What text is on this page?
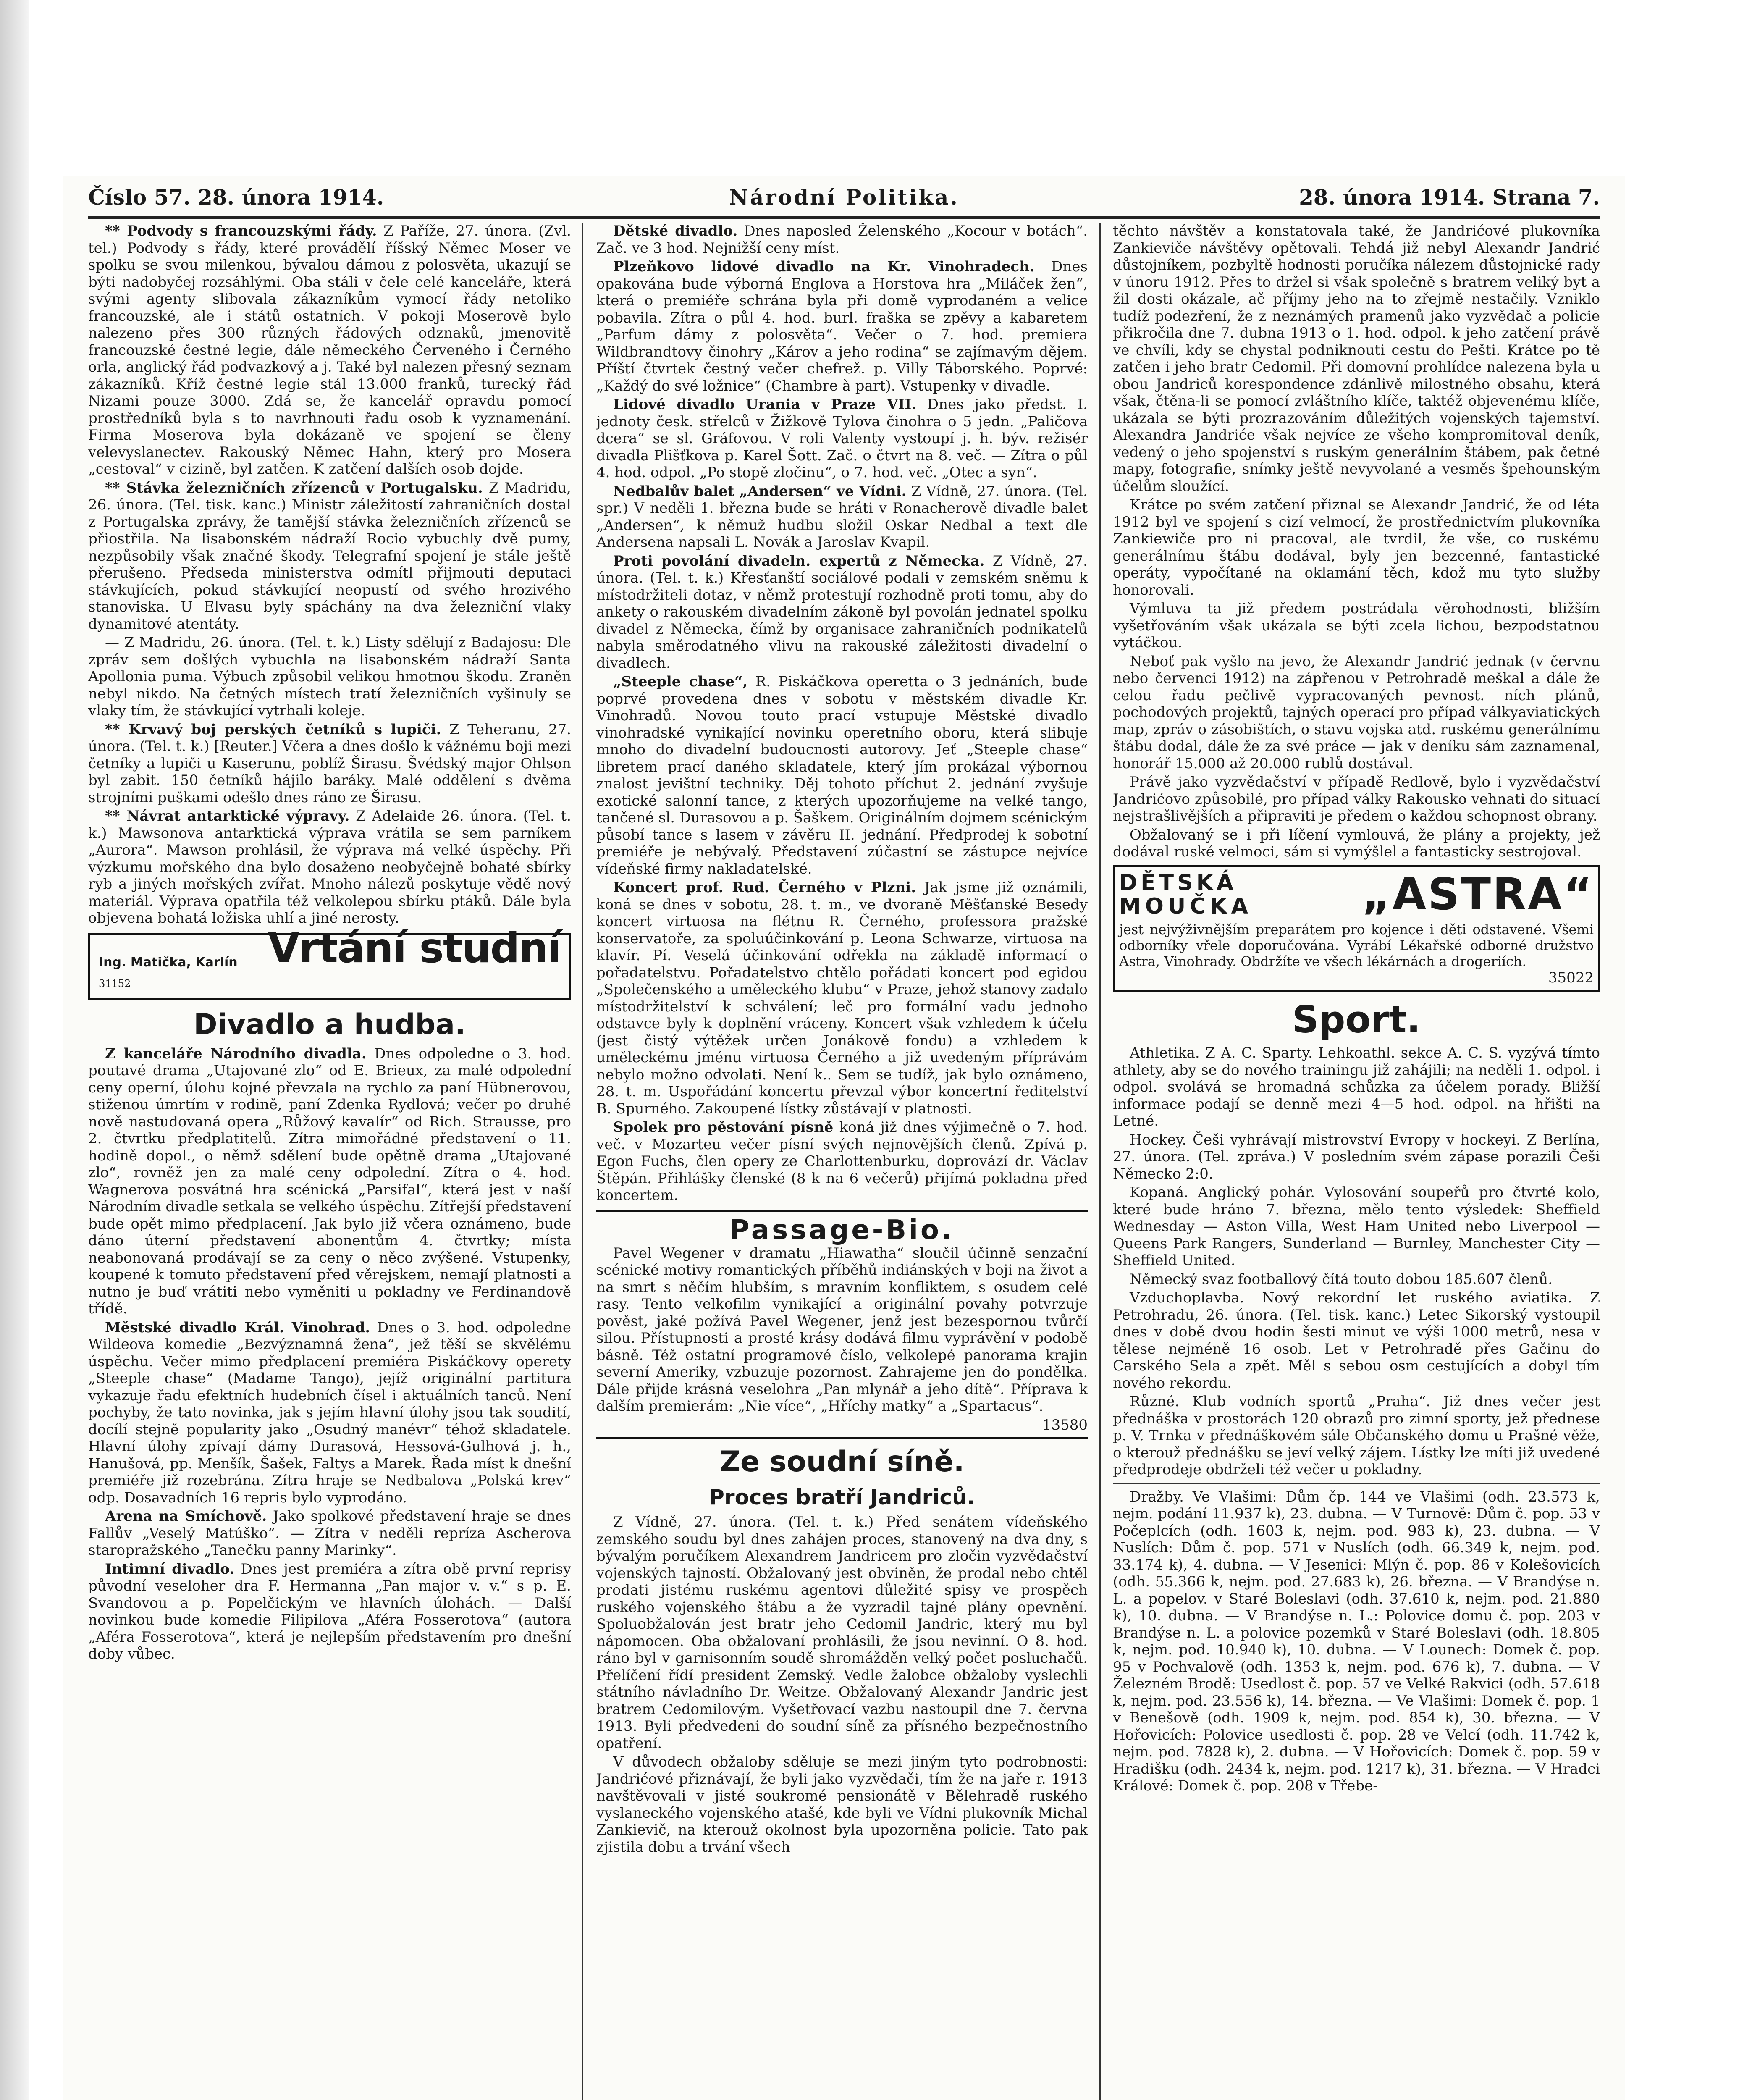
Číslo 57. 28. února 1914.	Národní Politika.	28. února 1914. Strana 7.

** Podvody s francouzskými řády. Z Paříže, 27. února. (Zvl. tel.) Podvody s řády, které provádělí říšský Němec Moser ve spolku se svou milenkou, bývalou dámou z polosvěta, ukazují se býti nadobyčej rozsáhlými. Oba stáli v čele celé kanceláře, která svými agenty slibovala zákazníkům vymocí řády netoliko francouzské, ale i států ostatních. V pokoji Moserově bylo nalezeno přes 300 různých řádových odznaků, jmenovitě francouzské čestné legie, dále německého Červeného i Černého orla, anglický řád podvazkový a j. Také byl nalezen přesný seznam zákazníků. Kříž čestné legie stál 13.000 franků, turecký řád Nizami pouze 3000. Zdá se, že kancelář opravdu pomocí prostředníků byla s to navrhnouti řadu osob k vyznamenání. Firma Moserova byla dokázaně ve spojení se členy velevyslanectev. Rakouský Němec Hahn, který pro Mosera „cestoval“ v cizině, byl zatčen. K zatčení dalších osob dojde.

** Stávka železničních zřízenců v Portugalsku. Z Madridu, 26. února. (Tel. tisk. kanc.) Ministr záležitostí zahraničních dostal z Portugalska zprávy, že tamější stávka železničních zřízenců se přiostřila. Na lisabonském nádraží Rocio vybuchly dvě pumy, nezpůsobily však značné škody. Telegrafní spojení je stále ještě přerušeno. Předseda ministerstva odmítl přijmouti deputaci stávkujících, pokud stávkující neopustí od svého hrozivého stanoviska. U Elvasu byly spáchány na dva železniční vlaky dynamitové atentáty.

— Z Madridu, 26. února. (Tel. t. k.) Listy sdělují z Badajosu: Dle zpráv sem došlých vybuchla na lisabonském nádraží Santa Apollonia puma. Výbuch způsobil velikou hmotnou škodu. Zraněn nebyl nikdo. Na četných místech tratí železničních vyšinuly se vlaky tím, že stávkující vytrhali koleje.

** Krvavý boj perských četníků s lupiči. Z Teheranu, 27. února. (Tel. t. k.) [Reuter.] Včera a dnes došlo k vážnému boji mezi četníky a lupiči u Kaserunu, poblíž Širasu. Švédský major Ohlson byl zabit. 150 četníků hájilo baráky. Malé oddělení s dvěma strojními puškami odešlo dnes ráno ze Širasu.

** Návrat antarktické výpravy. Z Adelaide 26. února. (Tel. t. k.) Mawsonova antarktická výprava vrátila se sem parníkem „Aurora“. Mawson prohlásil, že výprava má velké úspěchy. Při výzkumu mořského dna bylo dosaženo neobyčejně bohaté sbírky ryb a jiných mořských zvířat. Mnoho nálezů poskytuje vědě nový materiál. Výprava opatřila též velkolepou sbírku ptáků. Dále byla objevena bohatá ložiska uhlí a jiné nerosty.

Ing. Matička, Karlín
31152
Vrtání studní
Divadlo a hudba.

Z kanceláře Národního divadla. Dnes odpoledne o 3. hod. poutavé drama „Utajované zlo“ od E. Brieux, za malé odpolední ceny operní, úlohu kojné převzala na rychlo za paní Hübnerovou, stiženou úmrtím v rodině, paní Zdenka Rydlová; večer po druhé nově nastudovaná opera „Růžový kavalír“ od Rich. Strausse, pro 2. čtvrtku předplatitelů. Zítra mimořádné představení o 11. hodině dopol., o němž sdělení bude opětně drama „Utajované zlo“, rovněž jen za malé ceny odpolední. Zítra o 4. hod. Wagnerova posvátná hra scénická „Parsifal“, která jest v naší Národním divadle setkala se velkého úspěchu. Zítřejší představení bude opět mimo předplacení. Jak bylo již včera oznámeno, bude dáno úterní představení abonentům 4. čtvrtky; místa neabonovaná prodávají se za ceny o něco zvýšené. Vstupenky, koupené k tomuto představení před věrejskem, nemají platnosti a nutno je buď vrátiti nebo vyměniti u pokladny ve Ferdinandově třídě.

Městské divadlo Král. Vinohrad. Dnes o 3. hod. odpoledne Wildeova komedie „Bezvýznamná žena“, jež těší se skvělému úspěchu. Večer mimo předplacení premiéra Piskáčkovy operety „Steeple chase“ (Madame Tango), jejíž originální partitura vykazuje řadu efektních hudebních čísel i aktuálních tanců. Není pochyby, že tato novinka, jak s jejím hlavní úlohy jsou tak soudití, docílí stejně popularity jako „Osudný manévr“ téhož skladatele. Hlavní úlohy zpívají dámy Durasová, Hessová-Gulhová j. h., Hanušová, pp. Menšík, Šašek, Faltys a Marek. Řada míst k dnešní premiéře již rozebrána. Zítra hraje se Nedbalova „Polská krev“ odp. Dosavadních 16 repris bylo vyprodáno.

Arena na Smíchově. Jako spolkové představení hraje se dnes Fallův „Veselý Matúško“. — Zítra v neděli repríza Ascherova staropražského „Tanečku panny Marinky“.

Intimní divadlo. Dnes jest premiéra a zítra obě první reprisy původní veseloher dra F. Hermanna „Pan major v. v.“ s p. E. Svandovou a p. Popelčickým ve hlavních úlohách. — Další novinkou bude komedie Filipilova „Aféra Fosserotova“ (autora „Aféra Fosserotova“, která je nejlepším představením pro dnešní doby vůbec.

Dětské divadlo. Dnes naposled Želenského „Kocour v botách“. Zač. ve 3 hod. Nejnižší ceny míst.

Plzeňkovo lidové divadlo na Kr. Vinohradech. Dnes opakována bude výborná Englova a Horstova hra „Miláček žen“, která o premiéře schrána byla při domě vyprodaném a velice pobavila. Zítra o půl 4. hod. burl. fraška se zpěvy a kabaretem „Parfum dámy z polosvěta“. Večer o 7. hod. premiera Wildbrandtovy činohry „Károv a jeho rodina“ se zajímavým dějem. Příští čtvrtek čestný večer chefrež. p. Villy Táborského. Poprvé: „Každý do své ložnice“ (Chambre à part). Vstupenky v divadle.

Lidové divadlo Urania v Praze VII. Dnes jako předst. I. jednoty česk. střelců v Žižkově Tylova činohra o 5 jedn. „Paličova dcera“ se sl. Gráfovou. V roli Valenty vystoupí j. h. býv. režisér divadla Plišťkova p. Karel Šott. Zač. o čtvrt na 8. več. — Zítra o půl 4. hod. odpol. „Po stopě zločinu“, o 7. hod. več. „Otec a syn“.

Nedbalův balet „Andersen“ ve Vídni. Z Vídně, 27. února. (Tel. spr.) V neděli 1. března bude se hráti v Ronacherově divadle balet „Andersen“, k němuž hudbu složil Oskar Nedbal a text dle Andersena napsali L. Novák a Jaroslav Kvapil.

Proti povolání divadeln. expertů z Německa. Z Vídně, 27. února. (Tel. t. k.) Křesťanští sociálové podali v zemském sněmu k místodržiteli dotaz, v němž protestují rozhodně proti tomu, aby do ankety o rakouském divadelním zákoně byl povolán jednatel spolku divadel z Německa, čímž by organisace zahraničních podnikatelů nabyla směrodatného vlivu na rakouské záležitosti divadelní o divadlech.

„Steeple chase“, R. Piskáčkova operetta o 3 jednáních, bude poprvé provedena dnes v sobotu v městském divadle Kr. Vinohradů. Novou touto prací vstupuje Městské divadlo vinohradské vynikající novinku operetního oboru, která slibuje mnoho do divadelní budoucnosti autorovy. Jeť „Steeple chase“ libretem prací daného skladatele, který jím prokázal výbornou znalost jevištní techniky. Děj tohoto příchut 2. jednání zvyšuje exotické salonní tance, z kterých upozorňujeme na velké tango, tančené sl. Durasovou a p. Šaškem. Originálním dojmem scénickým působí tance s lasem v závěru II. jednání. Předprodej k sobotní premiéře je nebývalý. Představení zúčastní se zástupce nejvíce vídeňské firmy nakladatelské.

Koncert prof. Rud. Černého v Plzni. Jak jsme již oznámili, koná se dnes v sobotu, 28. t. m., ve dvoraně Měšťanské Besedy koncert virtuosa na flétnu R. Černého, professora pražské konservatoře, za spoluúčinkování p. Leona Schwarze, virtuosa na klavír. Pí. Veselá účinkování odřekla na základě informací o pořadatelstvu. Pořadatelstvo chtělo pořádati koncert pod egidou „Společenského a uměleckého klubu“ v Praze, jehož stanovy zadalo místodržitelství k schválení; leč pro formální vadu jednoho odstavce byly k doplnění vráceny. Koncert však vzhledem k účelu (jest čistý výtěžek určen Jonákově fondu) a vzhledem k uměleckému jménu virtuosa Černého a již uvedeným příprávám nebylo možno odvolati. Není k.. Sem se tudíž, jak bylo oznámeno, 28. t. m. Uspořádání koncertu převzal výbor koncertní ředitelství B. Spurného. Zakoupené lístky zůstávají v platnosti.

Spolek pro pěstování písně koná již dnes výjimečně o 7. hod. več. v Mozarteu večer písní svých nejnovějších členů. Zpívá p. Egon Fuchs, člen opery ze Charlottenburku, doprovází dr. Václav Štěpán. Přihlášky členské (8 k na 6 večerů) přijímá pokladna před koncertem.

Passage-Bio.

Pavel Wegener v dramatu „Hiawatha“ sloučil účinně senzační scénické motivy romantických příběhů indiánských v boji na život a na smrt s něčím hlubším, s mravním konfliktem, s osudem celé rasy. Tento velkofilm vynikající a originální povahy potvrzuje pověst, jaké požívá Pavel Wegener, jenž jest bezespornou tvůrčí silou. Přístupnosti a prosté krásy dodává filmu vyprávění v podobě básně. Též ostatní programové číslo, velkolepé panorama krajin severní Ameriky, vzbuzuje pozornost. Zahrajeme jen do pondělka. Dále přijde krásná veselohra „Pan mlynář a jeho dítě“. Příprava k dalším premierám: „Nie více“, „Hříchy matky“ a „Spartacus“.

13580
Ze soudní síně.
Proces bratří Jandriců.

Z Vídně, 27. února. (Tel. t. k.) Před senátem vídeňského zemského soudu byl dnes zahájen proces, stanovený na dva dny, s bývalým poručíkem Alexandrem Jandricem pro zločin vyzvědačství vojenských tajností. Obžalovaný jest obviněn, že prodal nebo chtěl prodati jistému ruskému agentovi důležité spisy ve prospěch ruského vojenského štábu a že vyzradil tajné plány opevnění. Spoluobžalován jest bratr jeho Cedomil Jandric, který mu byl nápomocen. Oba obžalovaní prohlásili, že jsou nevinní. O 8. hod. ráno byl v garnisonním soudě shromážděn velký počet posluchačů. Přelíčení řídí president Zemský. Vedle žalobce obžaloby vyslechli státního návladního Dr. Weitze. Obžalovaný Alexandr Jandric jest bratrem Cedomilovým. Vyšetřovací vazbu nastoupil dne 7. června 1913. Byli předvedeni do soudní síně za přísného bezpečnostního opatření.

V důvodech obžaloby sděluje se mezi jiným tyto podrobnosti: Jandrićové přiznávají, že byli jako vyzvědači, tím že na jaře r. 1913 navštěvovali v jisté soukromé pensionátě v Bělehradě ruského vyslaneckého vojenského atašé, kde byli ve Vídni plukovník Michal Zankievič, na kterouž okolnost byla upozorněna policie. Tato pak zjistila dobu a trvání všech

těchto návštěv a konstatovala také, že Jandrićové plukovníka Zankieviče návštěvy opětovali. Tehdá již nebyl Alexandr Jandrić důstojníkem, pozbyltě hodnosti poručíka nálezem důstojnické rady v únoru 1912. Přes to držel si však společně s bratrem veliký byt a žil dosti okázale, ač příjmy jeho na to zřejmě nestačily. Vzniklo tudíž podezření, že z neznámých pramenů jako vyzvědač a policie přikročila dne 7. dubna 1913 o 1. hod. odpol. k jeho zatčení právě ve chvíli, kdy se chystal podniknouti cestu do Pešti. Krátce po tě zatčen i jeho bratr Cedomil. Při domovní prohlídce nalezena byla u obou Jandriců korespondence zdánlivě milostného obsahu, která však, čtěna-li se pomocí zvláštního klíče, taktéž objevenému klíče, ukázala se býti prozrazováním důležitých vojenských tajemství. Alexandra Jandriće však nejvíce ze všeho kompromitoval deník, vedený o jeho spojenství s ruským generálním štábem, pak četné mapy, fotografie, snímky ještě nevyvolané a vesměs špehounským účelům sloužící.

Krátce po svém zatčení přiznal se Alexandr Jandrić, že od léta 1912 byl ve spojení s cizí velmocí, že prostřednictvím plukovníka Zankiewiče pro ni pracoval, ale tvrdil, že vše, co ruskému generálnímu štábu dodával, byly jen bezcenné, fantastické operáty, vypočítané na oklamání těch, kdož mu tyto služby honorovali.

Výmluva ta již předem postrádala věrohodnosti, bližším vyšetřováním však ukázala se býti zcela lichou, bezpodstatnou vytáčkou.

Neboť pak vyšlo na jevo, že Alexandr Jandrić jednak (v červnu nebo červenci 1912) na zápřenou v Petrohradě meškal a dále že celou řadu pečlivě vypracovaných pevnost. ních plánů, pochodových projektů, tajných operací pro případ válkyaviatických map, zpráv o zásobištích, o stavu vojska atd. ruskému generálnímu štábu dodal, dále že za své práce — jak v deníku sám zaznamenal, honorář 15.000 až 20.000 rublů dostával.

Právě jako vyzvědačství v případě Redlově, bylo i vyzvědačství Jandrićovo způsobilé, pro případ války Rakousko vehnati do situací nejstrašlivějších a připraviti je předem o každou schopnost obrany.

Obžalovaný se i při líčení vymlouvá, že plány a projekty, jež dodával ruské velmoci, sám si vymýšlel a fantasticky sestrojoval.

DĚTSKÁ
MOUČKA	„ASTRA“
jest nejvýživnějším preparátem pro kojence i děti odstavené. Všemi odborníky vřele doporučována. Vyrábí Lékařské odborné družstvo Astra, Vinohrady. Obdržíte ve všech lékárnách a drogeriích.
35022
Sport.

Athletika. Z A. C. Sparty. Lehkoathl. sekce A. C. S. vyzývá tímto athlety, aby se do nového trainingu již zahájili; na neděli 1. odpol. i odpol. svolává se hromadná schůzka za účelem porady. Bližší informace podají se denně mezi 4—5 hod. odpol. na hřišti na Letné.

Hockey. Češi vyhrávají mistrovství Evropy v hockeyi. Z Berlína, 27. února. (Tel. zpráva.) V posledním svém zápase porazili Češi Německo 2:0.

Kopaná. Anglický pohár. Vylosování soupeřů pro čtvrté kolo, které bude hráno 7. března, mělo tento výsledek: Sheffield Wednesday — Aston Villa, West Ham United nebo Liverpool — Queens Park Rangers, Sunderland — Burnley, Manchester City — Sheffield United.

Německý svaz footballový čítá touto dobou 185.607 členů.

Vzduchoplavba. Nový rekordní let ruského aviatika. Z Petrohradu, 26. února. (Tel. tisk. kanc.) Letec Sikorský vystoupil dnes v době dvou hodin šesti minut ve výši 1000 metrů, nesa v tělese nejméně 16 osob. Let v Petrohradě přes Gačinu do Carského Sela a zpět. Měl s sebou osm cestujících a dobyl tím nového rekordu.

Různé. Klub vodních sportů „Praha“. Již dnes večer jest přednáška v prostorách 120 obrazů pro zimní sporty, jež přednese p. V. Trnka v přednáškovém sále Občanského domu u Prašné věže, o kterouž přednášku se jeví velký zájem. Lístky lze míti již uvedené předprodeje obdrželi též večer u pokladny.

Dražby. Ve Vlašimi: Dům čp. 144 ve Vlašimi (odh. 23.573 k, nejm. podání 11.937 k), 23. dubna. — V Turnově: Dům č. pop. 53 v Počeplcích (odh. 1603 k, nejm. pod. 983 k), 23. dubna. — V Nuslích: Dům č. pop. 571 v Nuslích (odh. 66.349 k, nejm. pod. 33.174 k), 4. dubna. — V Jesenici: Mlýn č. pop. 86 v Kolešovicích (odh. 55.366 k, nejm. pod. 27.683 k), 26. března. — V Brandýse n. L. a popelov. v Staré Boleslavi (odh. 37.610 k, nejm. pod. 21.880 k), 10. dubna. — V Brandýse n. L.: Polovice domu č. pop. 203 v Brandýse n. L. a polovice pozemků v Staré Boleslavi (odh. 18.805 k, nejm. pod. 10.940 k), 10. dubna. — V Lounech: Domek č. pop. 95 v Pochvalově (odh. 1353 k, nejm. pod. 676 k), 7. dubna. — V Železném Brodě: Usedlost č. pop. 57 ve Velké Rakvici (odh. 57.618 k, nejm. pod. 23.556 k), 14. března. — Ve Vlašimi: Domek č. pop. 1 v Benešově (odh. 1909 k, nejm. pod. 854 k), 30. března. — V Hořovicích: Polovice usedlosti č. pop. 28 ve Velcí (odh. 11.742 k, nejm. pod. 7828 k), 2. dubna. — V Hořovicích: Domek č. pop. 59 v Hradišku (odh. 2434 k, nejm. pod. 1217 k), 31. března. — V Hradci Králové: Domek č. pop. 208 v Třebe-
